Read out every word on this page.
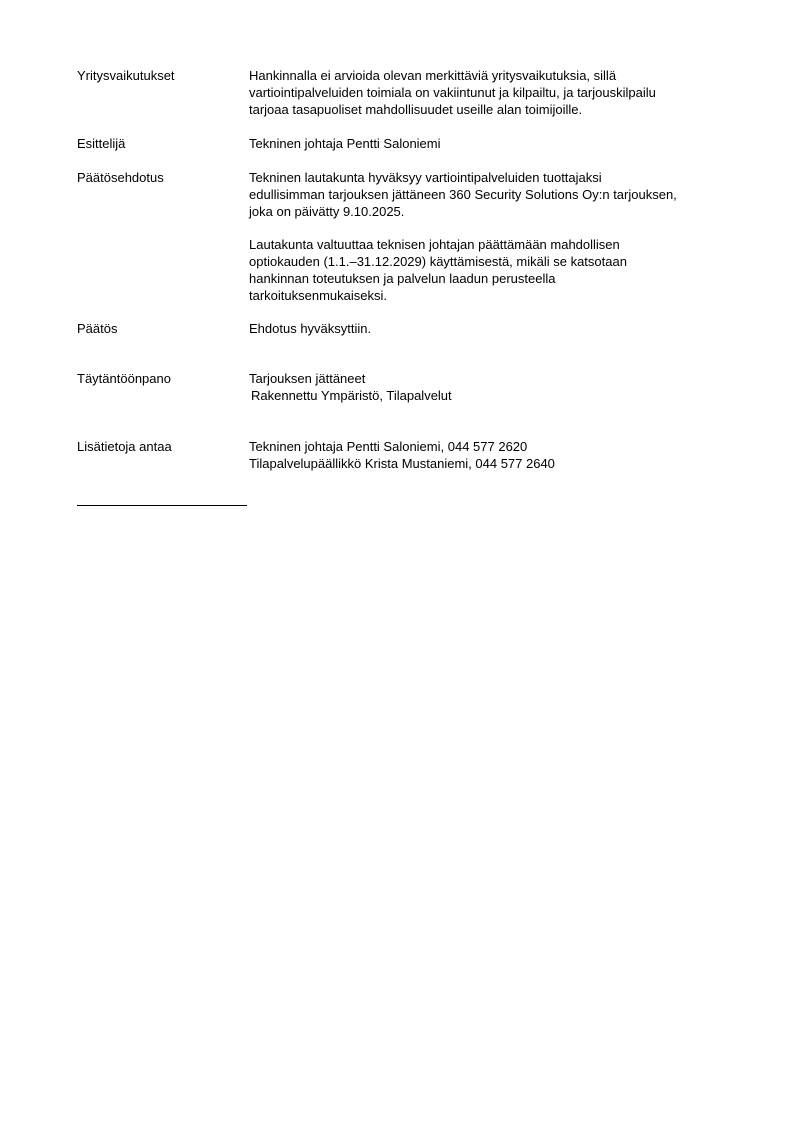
Yritysvaikutukset	Hankinnalla ei arvioida olevan merkittäviä yritysvaikutuksia, sillä
vartiointipalveluiden toimiala on vakiintunut ja kilpailtu, ja tarjouskilpailu
tarjoaa tasapuoliset mahdollisuudet useille alan toimijoille.
Esittelijä	Tekninen johtaja Pentti Saloniemi
Päätösehdotus	Tekninen lautakunta hyväksyy vartiointipalveluiden tuottajaksi
edullisimman tarjouksen jättäneen 360 Security Solutions Oy:n tarjouksen,
joka on päivätty 9.10.2025.
Lautakunta valtuuttaa teknisen johtajan päättämään mahdollisen
optiokauden (1.1.–31.12.2029) käyttämisestä, mikäli se katsotaan
hankinnan toteutuksen ja palvelun laadun perusteella
tarkoituksenmukaiseksi.
Päätös	Ehdotus hyväksyttiin.
Täytäntöönpano	Tarjouksen jättäneet
Rakennettu Ympäristö, Tilapalvelut
Lisätietoja antaa	Tekninen johtaja Pentti Saloniemi, 044 577 2620
Tilapalvelupäällikkö Krista Mustaniemi, 044 577 2640
